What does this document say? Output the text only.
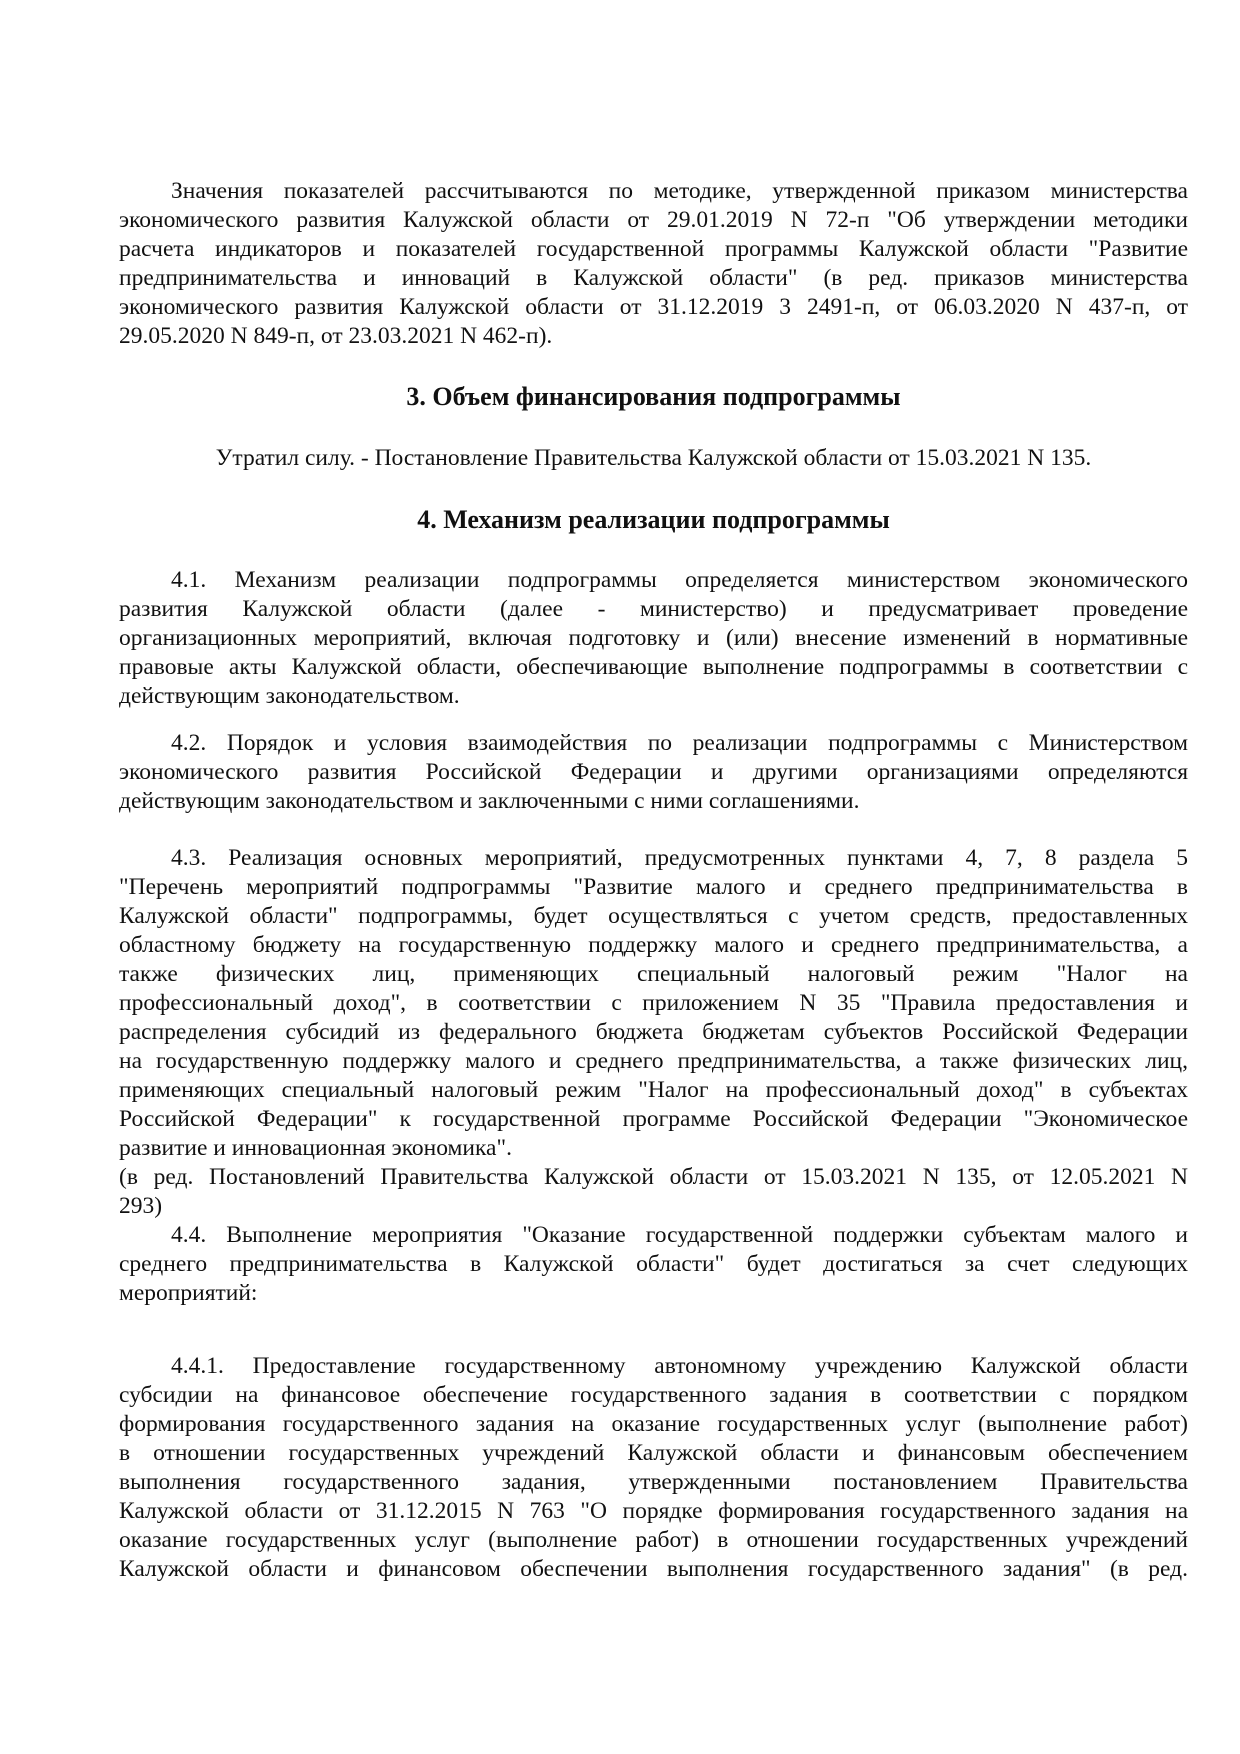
Значения показателей рассчитываются по методике, утвержденной приказом министерства
экономического развития Калужской области от 29.01.2019 N 72-п "Об утверждении методики
расчета индикаторов и показателей государственной программы Калужской области "Развитие
предпринимательства и инноваций в Калужской области" (в ред. приказов министерства
экономического развития Калужской области от 31.12.2019 3 2491-п, от 06.03.2020 N 437-п, от
29.05.2020 N 849-п, от 23.03.2021 N 462-п).
3. Объем финансирования подпрограммы
Утратил силу. - Постановление Правительства Калужской области от 15.03.2021 N 135.
4. Механизм реализации подпрограммы
4.1. Механизм реализации подпрограммы определяется министерством экономического
развития Калужской области (далее - министерство) и предусматривает проведение
организационных мероприятий, включая подготовку и (или) внесение изменений в нормативные
правовые акты Калужской области, обеспечивающие выполнение подпрограммы в соответствии с
действующим законодательством.
4.2. Порядок и условия взаимодействия по реализации подпрограммы с Министерством
экономического развития Российской Федерации и другими организациями определяются
действующим законодательством и заключенными с ними соглашениями.
4.3. Реализация основных мероприятий, предусмотренных пунктами 4, 7, 8 раздела 5
"Перечень мероприятий подпрограммы "Развитие малого и среднего предпринимательства в
Калужской области" подпрограммы, будет осуществляться с учетом средств, предоставленных
областному бюджету на государственную поддержку малого и среднего предпринимательства, а
также физических лиц, применяющих специальный налоговый режим "Налог на
профессиональный доход", в соответствии с приложением N 35 "Правила предоставления и
распределения субсидий из федерального бюджета бюджетам субъектов Российской Федерации
на государственную поддержку малого и среднего предпринимательства, а также физических лиц,
применяющих специальный налоговый режим "Налог на профессиональный доход" в субъектах
Российской Федерации" к государственной программе Российской Федерации "Экономическое
развитие и инновационная экономика".
(в ред. Постановлений Правительства Калужской области от 15.03.2021 N 135, от 12.05.2021 N
293)
4.4. Выполнение мероприятия "Оказание государственной поддержки субъектам малого и
среднего предпринимательства в Калужской области" будет достигаться за счет следующих
мероприятий:
4.4.1. Предоставление государственному автономному учреждению Калужской области
субсидии на финансовое обеспечение государственного задания в соответствии с порядком
формирования государственного задания на оказание государственных услуг (выполнение работ)
в отношении государственных учреждений Калужской области и финансовым обеспечением
выполнения государственного задания, утвержденными постановлением Правительства
Калужской области от 31.12.2015 N 763 "О порядке формирования государственного задания на
оказание государственных услуг (выполнение работ) в отношении государственных учреждений
Калужской области и финансовом обеспечении выполнения государственного задания" (в ред.
